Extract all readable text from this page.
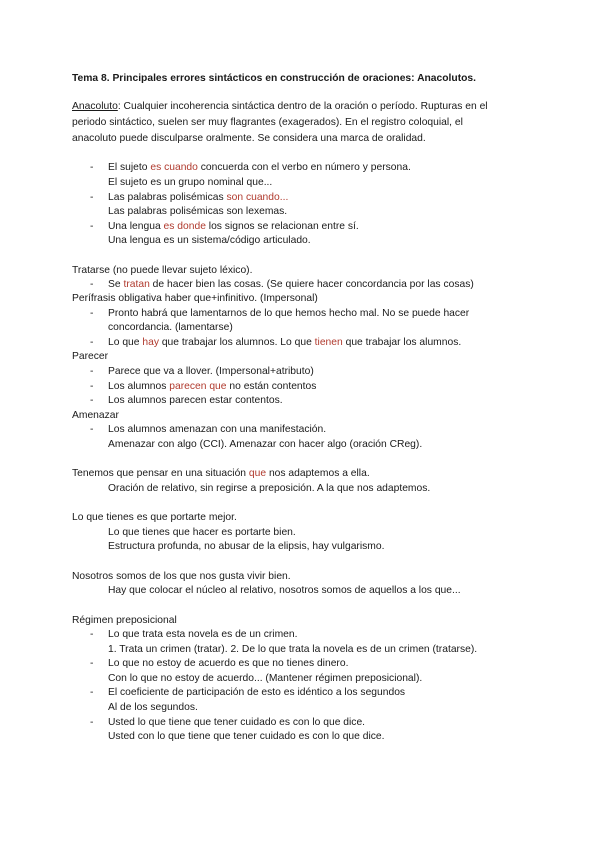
Tema 8. Principales errores sintácticos en construcción de oraciones: Anacolutos.
Anacoluto: Cualquier incoherencia sintáctica dentro de la oración o período. Rupturas en el
periodo sintáctico, suelen ser muy flagrantes (exagerados). En el registro coloquial, el
anacoluto puede disculparse oralmente. Se considera una marca de oralidad.
- El sujeto es cuando concuerda con el verbo en número y persona.
El sujeto es un grupo nominal que...
- Las palabras polisémicas son cuando...
Las palabras polisémicas son lexemas.
- Una lengua es donde los signos se relacionan entre sí.
Una lengua es un sistema/código articulado.
Tratarse (no puede llevar sujeto léxico).
- Se tratan de hacer bien las cosas. (Se quiere hacer concordancia por las cosas)
Perífrasis obligativa haber que+infinitivo. (Impersonal)
- Pronto habrá que lamentarnos de lo que hemos hecho mal. No se puede hacer
concordancia. (lamentarse)
- Lo que hay que trabajar los alumnos. Lo que tienen que trabajar los alumnos.
Parecer
- Parece que va a llover. (Impersonal+atributo)
- Los alumnos parecen que no están contentos
- Los alumnos parecen estar contentos.
Amenazar
- Los alumnos amenazan con una manifestación.
Amenazar con algo (CCI). Amenazar con hacer algo (oración CReg).
Tenemos que pensar en una situación que nos adaptemos a ella.
Oración de relativo, sin regirse a preposición. A la que nos adaptemos.
Lo que tienes es que portarte mejor.
Lo que tienes que hacer es portarte bien.
Estructura profunda, no abusar de la elipsis, hay vulgarismo.
Nosotros somos de los que nos gusta vivir bien.
Hay que colocar el núcleo al relativo, nosotros somos de aquellos a los que...
Régimen preposicional
- Lo que trata esta novela es de un crimen.
1. Trata un crimen (tratar). 2. De lo que trata la novela es de un crimen (tratarse).
- Lo que no estoy de acuerdo es que no tienes dinero.
Con lo que no estoy de acuerdo... (Mantener régimen preposicional).
- El coeficiente de participación de esto es idéntico a los segundos
Al de los segundos.
- Usted lo que tiene que tener cuidado es con lo que dice.
Usted con lo que tiene que tener cuidado es con lo que dice.
